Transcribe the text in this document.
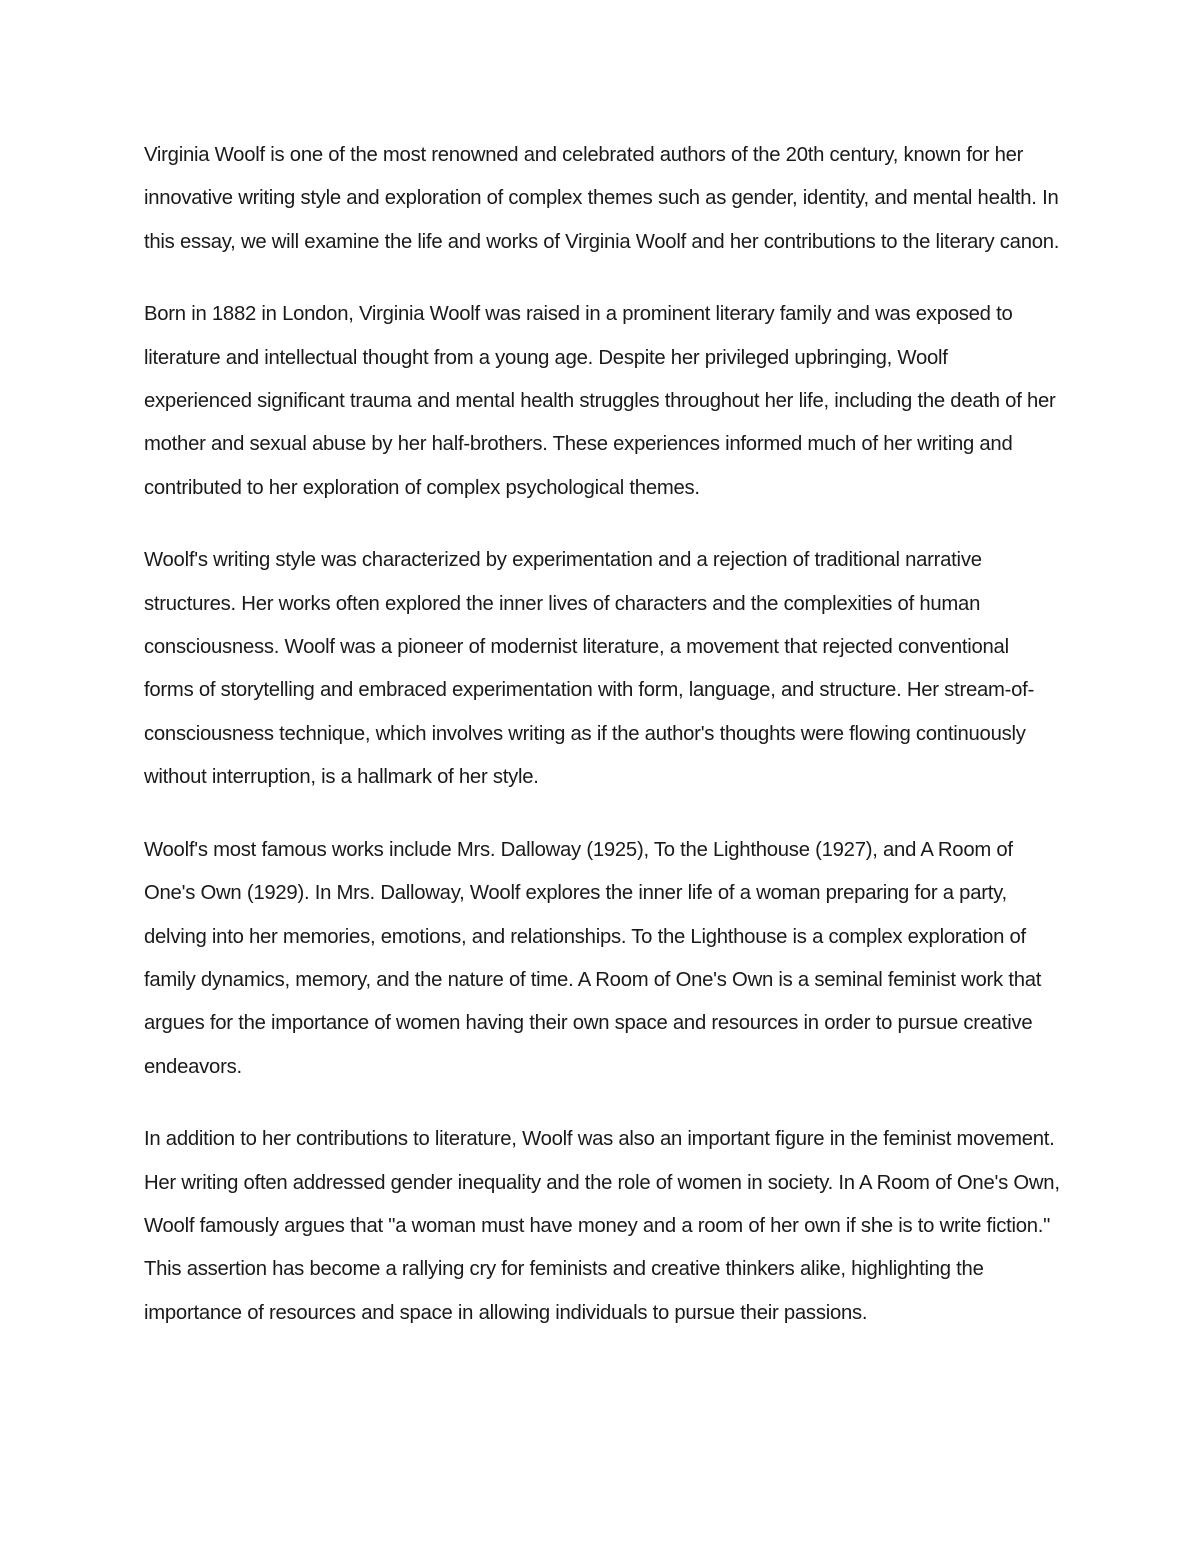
Virginia Woolf is one of the most renowned and celebrated authors of the 20th century, known for her innovative writing style and exploration of complex themes such as gender, identity, and mental health. In this essay, we will examine the life and works of Virginia Woolf and her contributions to the literary canon.

Born in 1882 in London, Virginia Woolf was raised in a prominent literary family and was exposed to literature and intellectual thought from a young age. Despite her privileged upbringing, Woolf experienced significant trauma and mental health struggles throughout her life, including the death of her mother and sexual abuse by her half-brothers. These experiences informed much of her writing and contributed to her exploration of complex psychological themes.

Woolf's writing style was characterized by experimentation and a rejection of traditional narrative structures. Her works often explored the inner lives of characters and the complexities of human consciousness. Woolf was a pioneer of modernist literature, a movement that rejected conventional forms of storytelling and embraced experimentation with form, language, and structure. Her stream-of-consciousness technique, which involves writing as if the author's thoughts were flowing continuously without interruption, is a hallmark of her style.

Woolf's most famous works include Mrs. Dalloway (1925), To the Lighthouse (1927), and A Room of One's Own (1929). In Mrs. Dalloway, Woolf explores the inner life of a woman preparing for a party, delving into her memories, emotions, and relationships. To the Lighthouse is a complex exploration of family dynamics, memory, and the nature of time. A Room of One's Own is a seminal feminist work that argues for the importance of women having their own space and resources in order to pursue creative endeavors.

In addition to her contributions to literature, Woolf was also an important figure in the feminist movement. Her writing often addressed gender inequality and the role of women in society. In A Room of One's Own, Woolf famously argues that "a woman must have money and a room of her own if she is to write fiction." This assertion has become a rallying cry for feminists and creative thinkers alike, highlighting the importance of resources and space in allowing individuals to pursue their passions.
